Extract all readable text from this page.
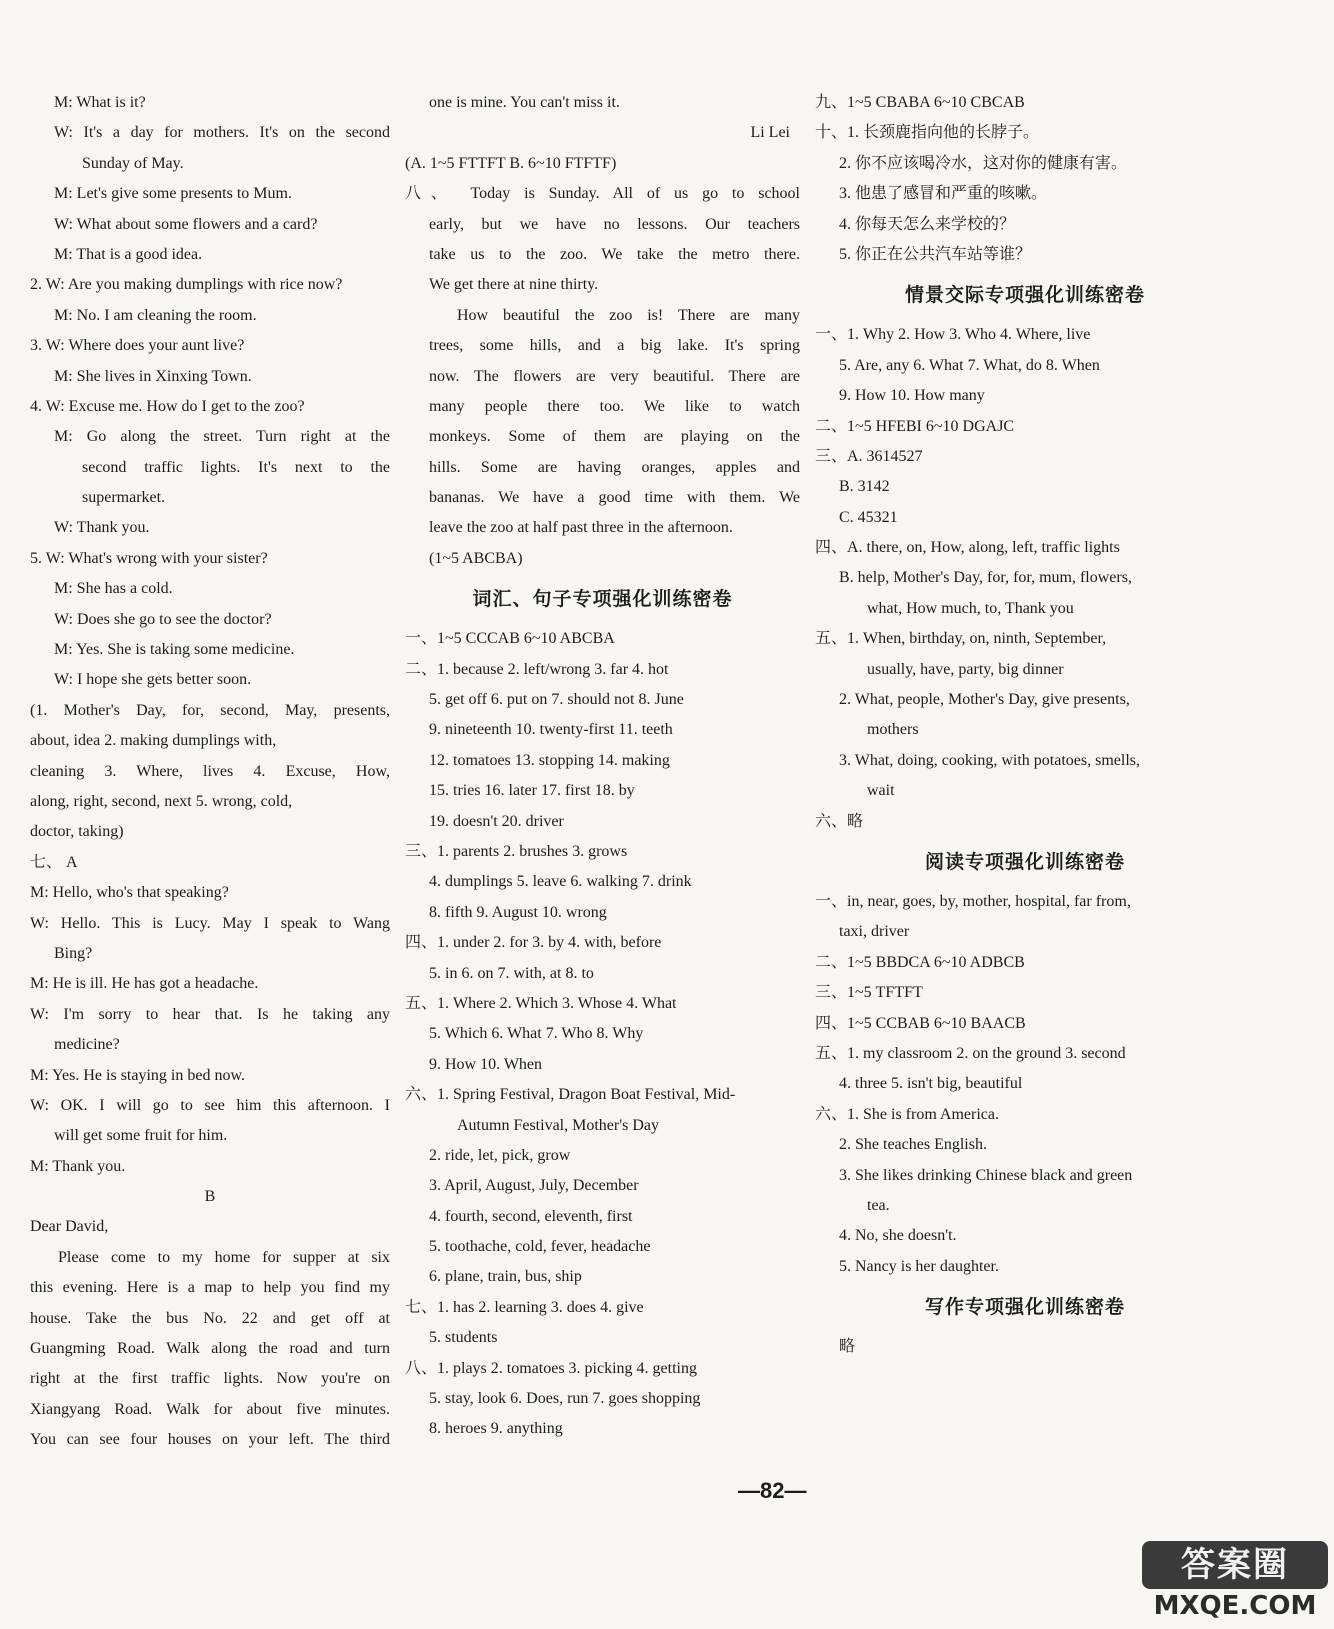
M: What is it?
W: It's a day for mothers. It's on the second
Sunday of May.
M: Let's give some presents to Mum.
W: What about some flowers and a card?
M: That is a good idea.
2. W: Are you making dumplings with rice now?
M: No. I am cleaning the room.
3. W: Where does your aunt live?
M: She lives in Xinxing Town.
4. W: Excuse me. How do I get to the zoo?
M: Go along the street. Turn right at the
second traffic lights. It's next to the
supermarket.
W: Thank you.
5. W: What's wrong with your sister?
M: She has a cold.
W: Does she go to see the doctor?
M: Yes. She is taking some medicine.
W: I hope she gets better soon.
(1. Mother's Day, for, second, May, presents,
about, idea 2. making dumplings with,
cleaning 3. Where, lives 4. Excuse, How,
along, right, second, next 5. wrong, cold,
doctor, taking)
七、 A
M: Hello, who's that speaking?
W: Hello. This is Lucy. May I speak to Wang
Bing?
M: He is ill. He has got a headache.
W: I'm sorry to hear that. Is he taking any
medicine?
M: Yes. He is staying in bed now.
W: OK. I will go to see him this afternoon. I
will get some fruit for him.
M: Thank you.
B
Dear David,
Please come to my home for supper at six
this evening. Here is a map to help you find my
house. Take the bus No. 22 and get off at
Guangming Road. Walk along the road and turn
right at the first traffic lights. Now you're on
Xiangyang Road. Walk for about five minutes.
You can see four houses on your left. The third
one is mine. You can't miss it.
Li Lei
(A. 1~5 FTTFT B. 6~10 FTFTF)
八、 Today is Sunday. All of us go to school
early, but we have no lessons. Our teachers
take us to the zoo. We take the metro there.
We get there at nine thirty.
How beautiful the zoo is! There are many
trees, some hills, and a big lake. It's spring
now. The flowers are very beautiful. There are
many people there too. We like to watch
monkeys. Some of them are playing on the
hills. Some are having oranges, apples and
bananas. We have a good time with them. We
leave the zoo at half past three in the afternoon.
(1~5 ABCBA)
词汇、句子专项强化训练密卷
一、1~5 CCCAB 6~10 ABCBA
二、1. because 2. left/wrong 3. far 4. hot
5. get off 6. put on 7. should not 8. June
9. nineteenth 10. twenty-first 11. teeth
12. tomatoes 13. stopping 14. making
15. tries 16. later 17. first 18. by
19. doesn't 20. driver
三、1. parents 2. brushes 3. grows
4. dumplings 5. leave 6. walking 7. drink
8. fifth 9. August 10. wrong
四、1. under 2. for 3. by 4. with, before
5. in 6. on 7. with, at 8. to
五、1. Where 2. Which 3. Whose 4. What
5. Which 6. What 7. Who 8. Why
9. How 10. When
六、1. Spring Festival, Dragon Boat Festival, Mid-
Autumn Festival, Mother's Day
2. ride, let, pick, grow
3. April, August, July, December
4. fourth, second, eleventh, first
5. toothache, cold, fever, headache
6. plane, train, bus, ship
七、1. has 2. learning 3. does 4. give
5. students
八、1. plays 2. tomatoes 3. picking 4. getting
5. stay, look 6. Does, run 7. goes shopping
8. heroes 9. anything
九、1~5 CBABA 6~10 CBCAB
十、1. 长颈鹿指向他的长脖子。
2. 你不应该喝冷水，这对你的健康有害。
3. 他患了感冒和严重的咳嗽。
4. 你每天怎么来学校的？
5. 你正在公共汽车站等谁？
情景交际专项强化训练密卷
一、1. Why 2. How 3. Who 4. Where, live
5. Are, any 6. What 7. What, do 8. When
9. How 10. How many
二、1~5 HFEBI 6~10 DGAJC
三、A. 3614527
B. 3142
C. 45321
四、A. there, on, How, along, left, traffic lights
B. help, Mother's Day, for, for, mum, flowers,
what, How much, to, Thank you
五、1. When, birthday, on, ninth, September,
usually, have, party, big dinner
2. What, people, Mother's Day, give presents,
mothers
3. What, doing, cooking, with potatoes, smells,
wait
六、略
阅读专项强化训练密卷
一、in, near, goes, by, mother, hospital, far from,
taxi, driver
二、1~5 BBDCA 6~10 ADBCB
三、1~5 TFTFT
四、1~5 CCBAB 6~10 BAACB
五、1. my classroom 2. on the ground 3. second
4. three 5. isn't big, beautiful
六、1. She is from America.
2. She teaches English.
3. She likes drinking Chinese black and green
tea.
4. No, she doesn't.
5. Nancy is her daughter.
写作专项强化训练密卷
略
—82—
答案圈
MXQE.COM
